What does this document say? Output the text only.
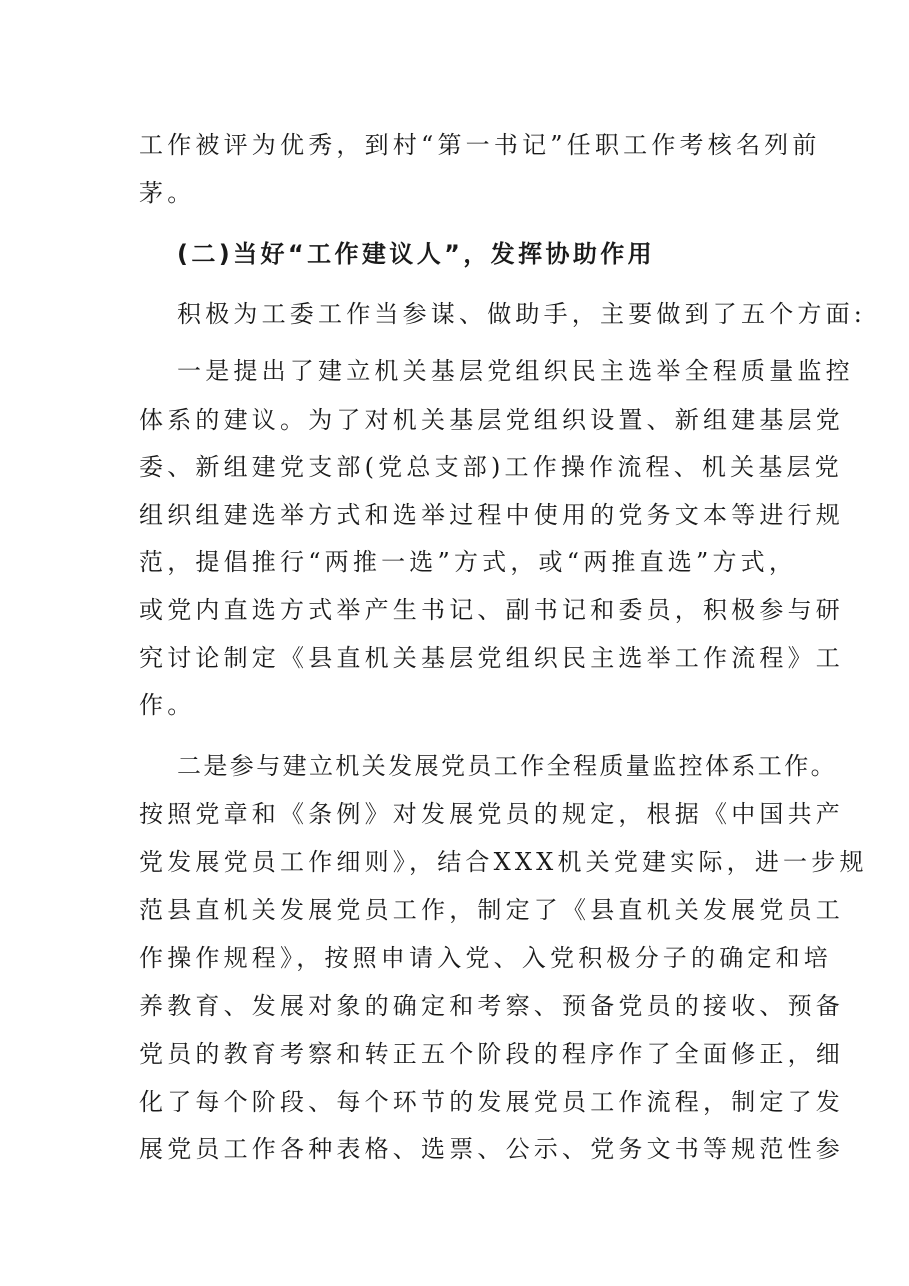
工作被评为优秀，到村“第一书记”任职工作考核名列前
茅。
(二)当好“工作建议人”，发挥协助作用
积极为工委工作当参谋、做助手，主要做到了五个方面:
一是提出了建立机关基层党组织民主选举全程质量监控
体系的建议。为了对机关基层党组织设置、新组建基层党
委、新组建党支部(党总支部)工作操作流程、机关基层党
组织组建选举方式和选举过程中使用的党务文本等进行规
范，提倡推行“两推一选”方式，或“两推直选”方式，
或党内直选方式举产生书记、副书记和委员，积极参与研
究讨论制定《县直机关基层党组织民主选举工作流程》工
作。
二是参与建立机关发展党员工作全程质量监控体系工作。
按照党章和《条例》对发展党员的规定，根据《中国共产
党发展党员工作细则》，结合XXX机关党建实际，进一步规
范县直机关发展党员工作，制定了《县直机关发展党员工
作操作规程》，按照申请入党、入党积极分子的确定和培
养教育、发展对象的确定和考察、预备党员的接收、预备
党员的教育考察和转正五个阶段的程序作了全面修正，细
化了每个阶段、每个环节的发展党员工作流程，制定了发
展党员工作各种表格、选票、公示、党务文书等规范性参
